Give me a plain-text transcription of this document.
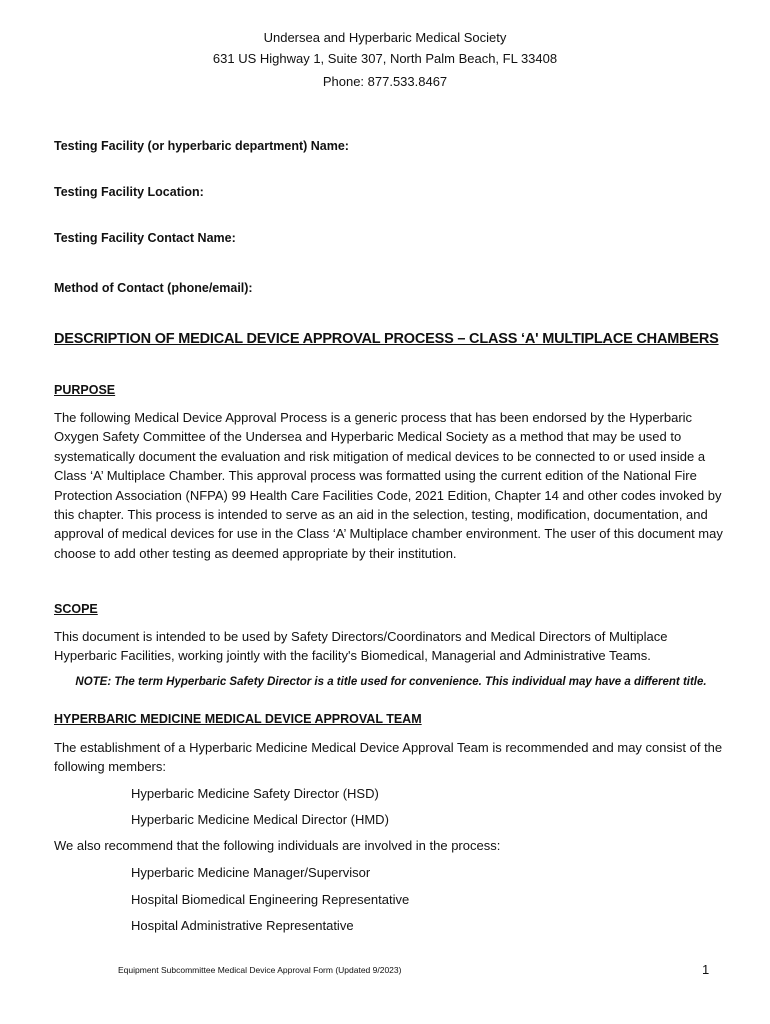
Undersea and Hyperbaric Medical Society
631 US Highway 1, Suite 307, North Palm Beach, FL 33408
Phone: 877.533.8467
Testing Facility (or hyperbaric department) Name:
Testing Facility Location:
Testing Facility Contact Name:
Method of Contact (phone/email):
DESCRIPTION OF MEDICAL DEVICE APPROVAL PROCESS – CLASS ‘A' MULTIPLACE CHAMBERS
PURPOSE
The following Medical Device Approval Process is a generic process that has been endorsed by the Hyperbaric Oxygen Safety Committee of the Undersea and Hyperbaric Medical Society as a method that may be used to systematically document the evaluation and risk mitigation of medical devices to be connected to or used inside a Class ‘A’ Multiplace Chamber. This approval process was formatted using the current edition of the National Fire Protection Association (NFPA) 99 Health Care Facilities Code, 2021 Edition, Chapter 14 and other codes invoked by this chapter. This process is intended to serve as an aid in the selection, testing, modification, documentation, and approval of medical devices for use in the Class ‘A’ Multiplace chamber environment. The user of this document may choose to add other testing as deemed appropriate by their institution.
SCOPE
This document is intended to be used by Safety Directors/Coordinators and Medical Directors of Multiplace Hyperbaric Facilities, working jointly with the facility's Biomedical, Managerial and Administrative Teams.
NOTE: The term Hyperbaric Safety Director is a title used for convenience. This individual may have a different title.
HYPERBARIC MEDICINE MEDICAL DEVICE APPROVAL TEAM
The establishment of a Hyperbaric Medicine Medical Device Approval Team is recommended and may consist of the following members:
Hyperbaric Medicine Safety Director (HSD)
Hyperbaric Medicine Medical Director (HMD)
We also recommend that the following individuals are involved in the process:
Hyperbaric Medicine Manager/Supervisor
Hospital Biomedical Engineering Representative
Hospital Administrative Representative
Equipment Subcommittee Medical Device Approval Form (Updated 9/2023)	1
